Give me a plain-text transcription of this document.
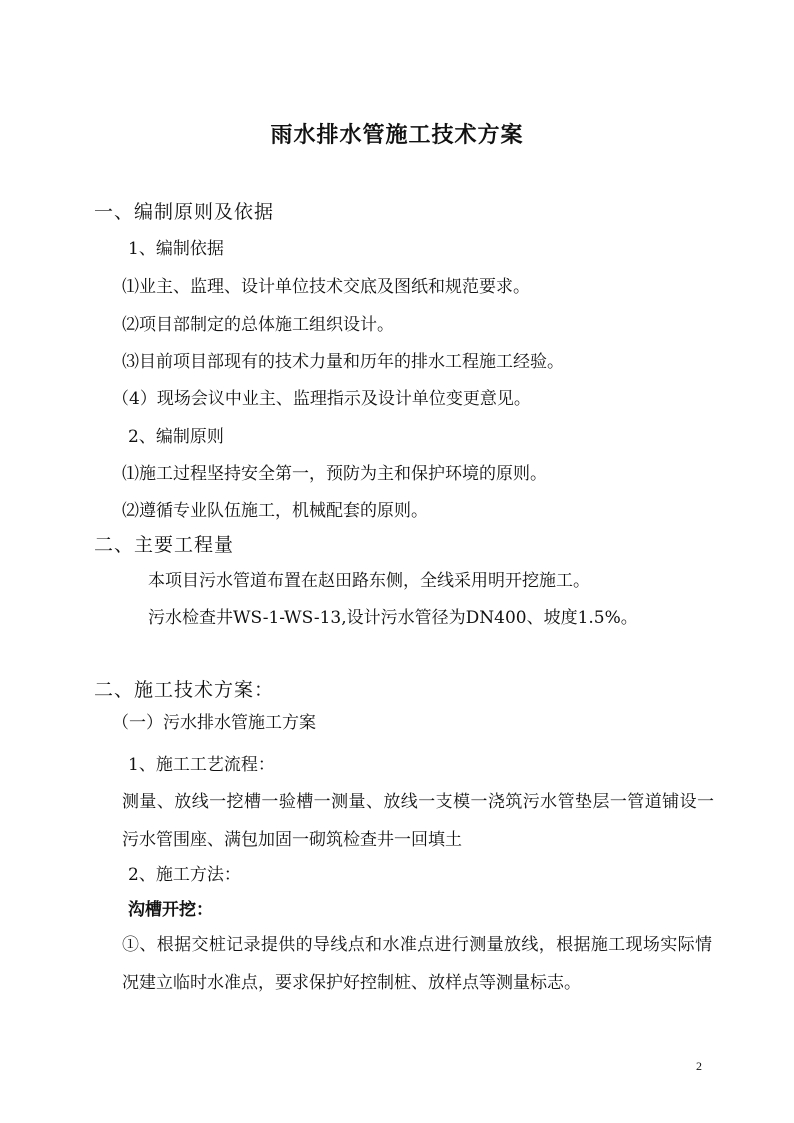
雨水排水管施工技术方案
一、编制原则及依据
1、编制依据
⑴业主、监理、设计单位技术交底及图纸和规范要求。
⑵项目部制定的总体施工组织设计。
⑶目前项目部现有的技术力量和历年的排水工程施工经验。
（4）现场会议中业主、监理指示及设计单位变更意见。
2、编制原则
⑴施工过程坚持安全第一，预防为主和保护环境的原则。
⑵遵循专业队伍施工，机械配套的原则。
二、主要工程量
本项目污水管道布置在赵田路东侧，全线采用明开挖施工。
污水检查井WS-1-WS-13,设计污水管径为DN400、坡度1.5%。
二、施工技术方案：
（一）污水排水管施工方案
1、施工工艺流程：
测量、放线一挖槽一验槽一测量、放线一支模一浇筑污水管垫层一管道铺设一污水管围座、满包加固一砌筑检查井一回填土
2、施工方法：
沟槽开挖：
①、根据交桩记录提供的导线点和水准点进行测量放线，根据施工现场实际情况建立临时水准点，要求保护好控制桩、放样点等测量标志。
2
